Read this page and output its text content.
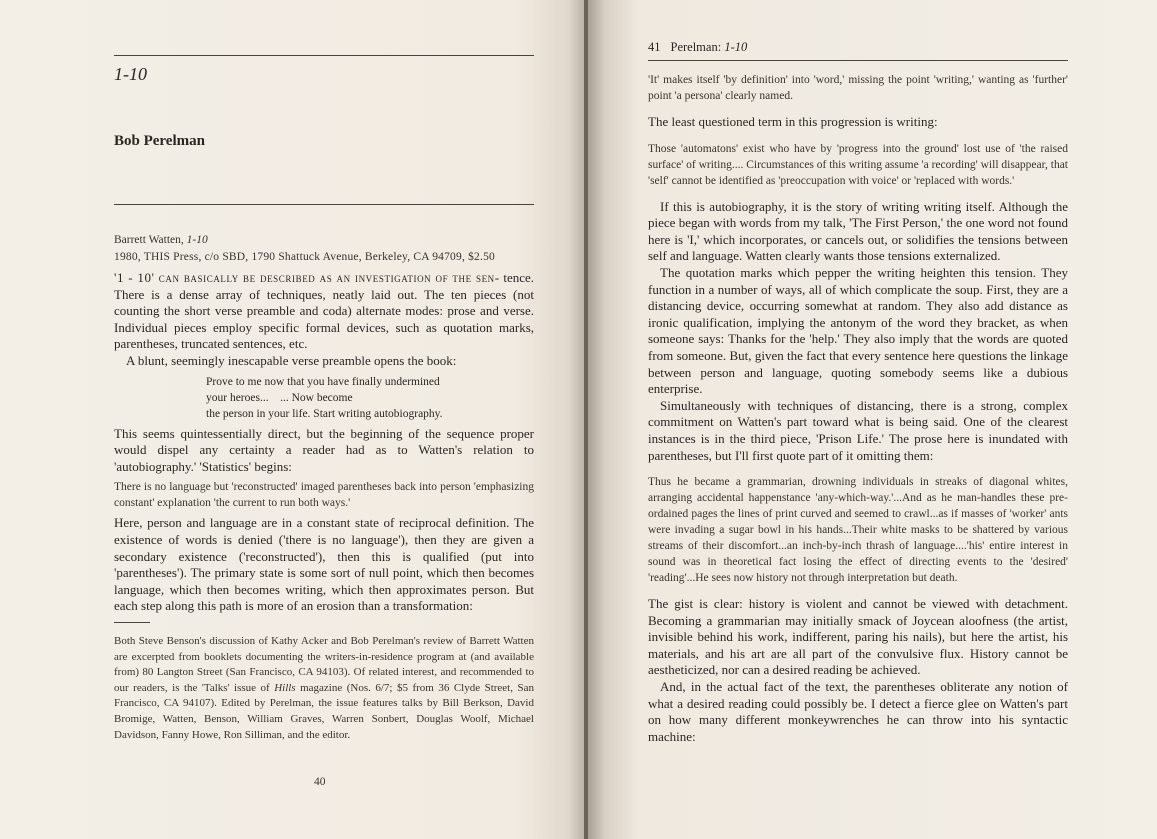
1-10
Bob Perelman
Barrett Watten, 1-10
1980, THIS Press, c/o SBD, 1790 Shattuck Avenue, Berkeley, CA 94709, $2.50

'1 - 10' can basically be described as an investigation of the sen- tence. There is a dense array of techniques, neatly laid out. The ten pieces (not counting the short verse preamble and coda) alternate modes: prose and verse. Individual pieces employ specific formal devices, such as quotation marks, parentheses, truncated sentences, etc.

A blunt, seemingly inescapable verse preamble opens the book:

Prove to me now that you have finally undermined
your heroes...    ... Now become
the person in your life. Start writing autobiography.

This seems quintessentially direct, but the beginning of the sequence proper would dispel any certainty a reader had as to Watten's relation to 'autobiography.' 'Statistics' begins:

There is no language but 'reconstructed' imaged parentheses back into person 'emphasizing constant' explanation 'the current to run both ways.'

Here, person and language are in a constant state of reciprocal definition. The existence of words is denied ('there is no language'), then they are given a secondary existence ('reconstructed'), then this is qualified (put into 'parentheses'). The primary state is some sort of null point, which then becomes language, which then becomes writing, which then approximates person. But each step along this path is more of an erosion than a transformation:

Both Steve Benson's discussion of Kathy Acker and Bob Perelman's review of Barrett Watten are excerpted from booklets documenting the writers-in-residence program at (and available from) 80 Langton Street (San Francisco, CA 94103). Of related interest, and recommended to our readers, is the 'Talks' issue of Hills magazine (Nos. 6/7; $5 from 36 Clyde Street, San Francisco, CA 94107). Edited by Perelman, the issue features talks by Bill Berkson, David Bromige, Watten, Benson, William Graves, Warren Sonbert, Douglas Woolf, Michael Davidson, Fanny Howe, Ron Silliman, and the editor.
40
41 Perelman: 1-10

'It' makes itself 'by definition' into 'word,' missing the point 'writing,' wanting as 'further' point 'a persona' clearly named.

The least questioned term in this progression is writing:

Those 'automatons' exist who have by 'progress into the ground' lost use of 'the raised surface' of writing.... Circumstances of this writing assume 'a recording' will disappear, that 'self' cannot be identified as 'preoccupation with voice' or 'replaced with words.'

If this is autobiography, it is the story of writing writing itself. Although the piece began with words from my talk, 'The First Person,' the one word not found here is 'I,' which incorporates, or cancels out, or solidifies the tensions between self and language. Watten clearly wants those tensions externalized.

The quotation marks which pepper the writing heighten this tension. They function in a number of ways, all of which complicate the soup. First, they are a distancing device, occurring somewhat at random. They also add distance as ironic qualification, implying the antonym of the word they bracket, as when someone says: Thanks for the 'help.' They also imply that the words are quoted from someone. But, given the fact that every sentence here questions the linkage between person and language, quoting somebody seems like a dubious enterprise.

Simultaneously with techniques of distancing, there is a strong, complex commitment on Watten's part toward what is being said. One of the clearest instances is in the third piece, 'Prison Life.' The prose here is inundated with parentheses, but I'll first quote part of it omitting them:

Thus he became a grammarian, drowning individuals in streaks of diagonal whites, arranging accidental happenstance 'any-which-way.'...And as he man-handles these pre-ordained pages the lines of print curved and seemed to crawl...as if masses of 'worker' ants were invading a sugar bowl in his hands...Their white masks to be shattered by various streams of their discomfort...an inch-by-inch thrash of language....'his' entire interest in sound was in theoretical fact losing the effect of directing events to the 'desired' 'reading'...He sees now history not through interpretation but death.

The gist is clear: history is violent and cannot be viewed with detachment. Becoming a grammarian may initially smack of Joycean aloofness (the artist, invisible behind his work, indifferent, paring his nails), but here the artist, his materials, and his art are all part of the convulsive flux. History cannot be aestheticized, nor can a desired reading be achieved.

And, in the actual fact of the text, the parentheses obliterate any notion of what a desired reading could possibly be. I detect a fierce glee on Watten's part on how many different monkeywrenches he can throw into his syntactic machine:
